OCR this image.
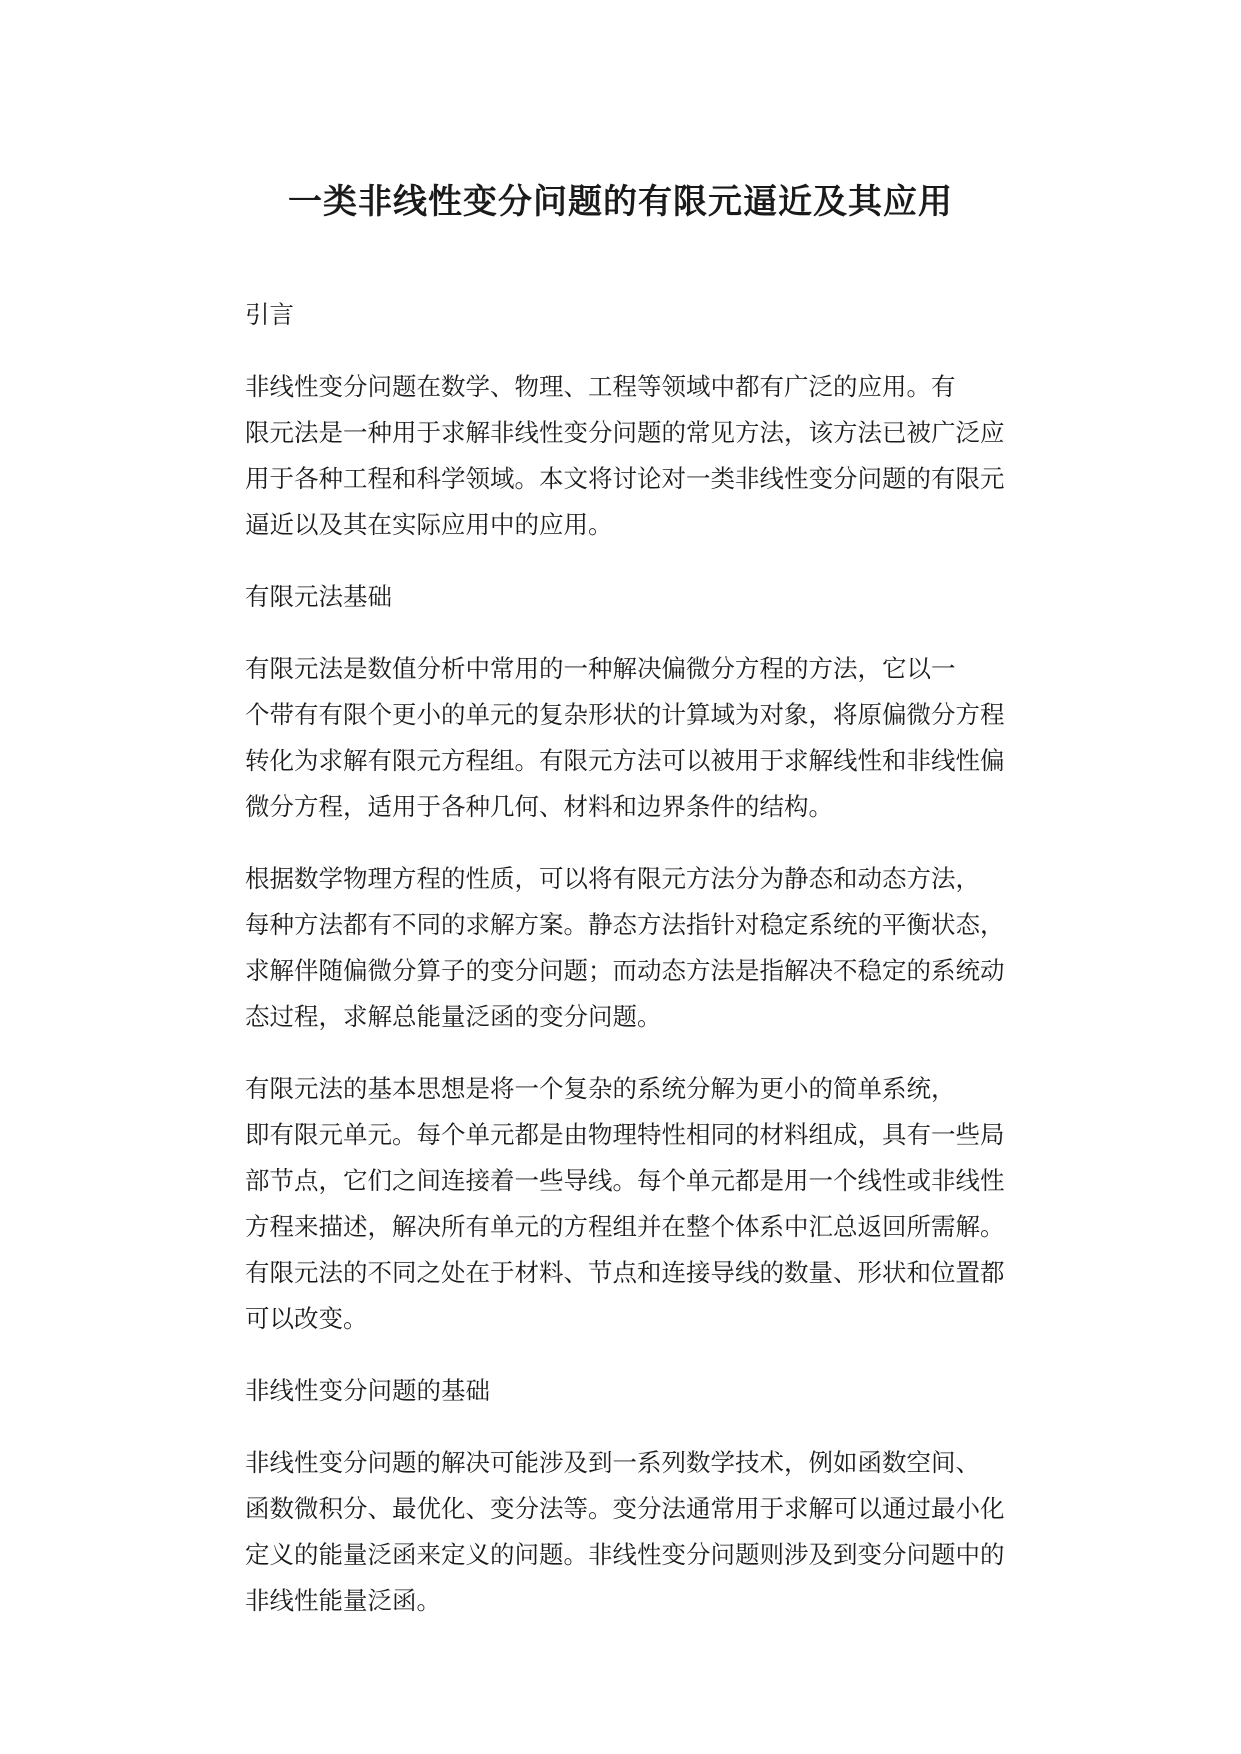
一类非线性变分问题的有限元逼近及其应用
引言

非线性变分问题在数学、物理、工程等领域中都有广泛的应用。有
限元法是一种用于求解非线性变分问题的常见方法，该方法已被广泛应
用于各种工程和科学领域。本文将讨论对一类非线性变分问题的有限元
逼近以及其在实际应用中的应用。

有限元法基础

有限元法是数值分析中常用的一种解决偏微分方程的方法，它以一
个带有有限个更小的单元的复杂形状的计算域为对象，将原偏微分方程
转化为求解有限元方程组。有限元方法可以被用于求解线性和非线性偏
微分方程，适用于各种几何、材料和边界条件的结构。

根据数学物理方程的性质，可以将有限元方法分为静态和动态方法，
每种方法都有不同的求解方案。静态方法指针对稳定系统的平衡状态，
求解伴随偏微分算子的变分问题；而动态方法是指解决不稳定的系统动
态过程，求解总能量泛函的变分问题。

有限元法的基本思想是将一个复杂的系统分解为更小的简单系统，
即有限元单元。每个单元都是由物理特性相同的材料组成，具有一些局
部节点，它们之间连接着一些导线。每个单元都是用一个线性或非线性
方程来描述，解决所有单元的方程组并在整个体系中汇总返回所需解。
有限元法的不同之处在于材料、节点和连接导线的数量、形状和位置都
可以改变。

非线性变分问题的基础

非线性变分问题的解决可能涉及到一系列数学技术，例如函数空间、
函数微积分、最优化、变分法等。变分法通常用于求解可以通过最小化
定义的能量泛函来定义的问题。非线性变分问题则涉及到变分问题中的
非线性能量泛函。
